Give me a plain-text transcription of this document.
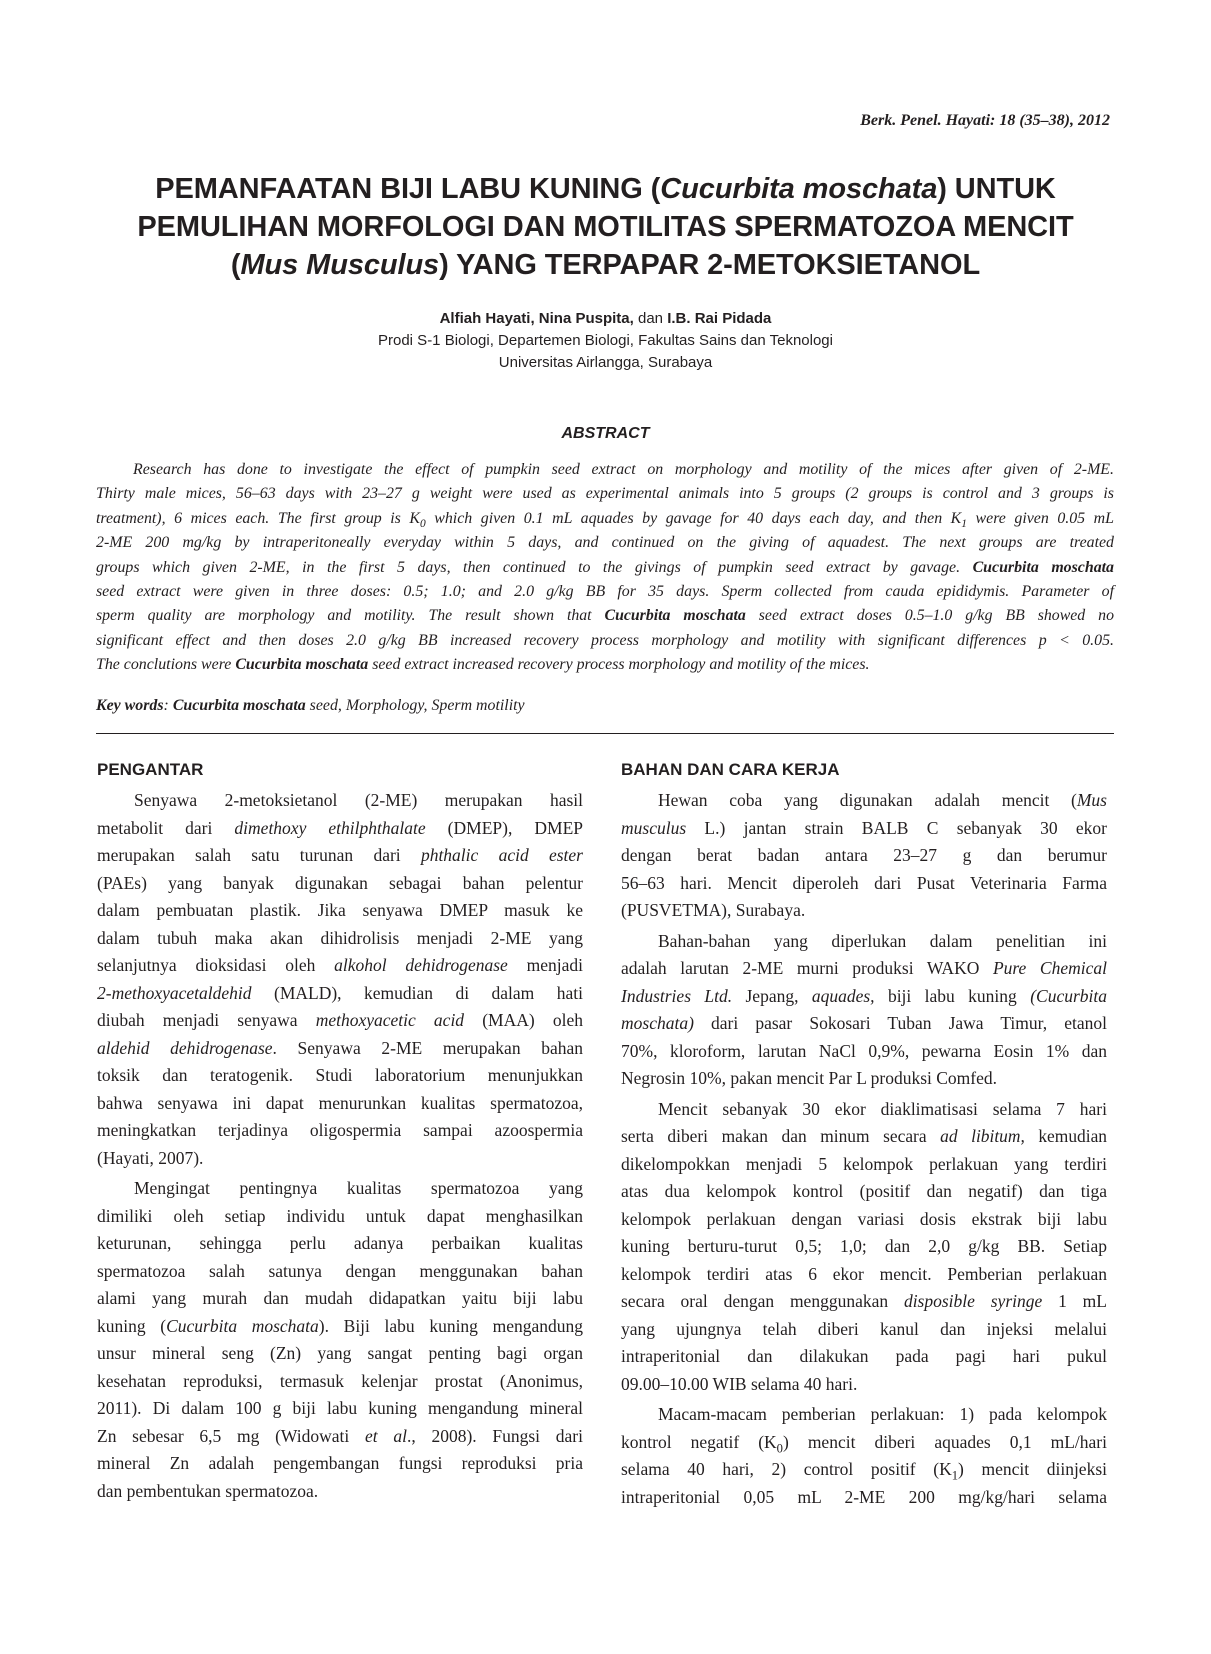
Berk. Penel. Hayati: 18 (35–38), 2012
PEMANFAATAN BIJI LABU KUNING (Cucurbita moschata) UNTUK
PEMULIHAN MORFOLOGI DAN MOTILITAS SPERMATOZOA MENCIT
(Mus Musculus) YANG TERPAPAR 2-METOKSIETANOL
Alfiah Hayati, Nina Puspita, dan I.B. Rai Pidada
Prodi S-1 Biologi, Departemen Biologi, Fakultas Sains dan Teknologi
Universitas Airlangga, Surabaya
ABSTRACT
Research has done to investigate the effect of pumpkin seed extract on morphology and motility of the mices after given of 2-ME.
Thirty male mices, 56–63 days with 23–27 g weight were used as experimental animals into 5 groups (2 groups is control and 3 groups is
treatment), 6 mices each. The first group is $K_0$ which given 0.1 mL aquades by gavage for 40 days each day, and then $K_1$ were given 0.05 mL
2-ME 200 mg/kg by intraperitoneally everyday within 5 days, and continued on the giving of aquadest. The next groups are treated
groups which given 2-ME, in the first 5 days, then continued to the givings of pumpkin seed extract by gavage. Cucurbita moschata
seed extract were given in three doses: 0.5; 1.0; and 2.0 g/kg BB for 35 days. Sperm collected from cauda epididymis. Parameter of
sperm quality are morphology and motility. The result shown that Cucurbita moschata seed extract doses 0.5–1.0 g/kg BB showed no
significant effect and then doses 2.0 g/kg BB increased recovery process morphology and motility with significant differences p < 0.05.
The conclutions were Cucurbita moschata seed extract increased recovery process morphology and motility of the mices.
Key words: Cucurbita moschata seed, Morphology, Sperm motility
PENGANTAR
Senyawa 2-metoksietanol (2-ME) merupakan hasil
metabolit dari dimethoxy ethilphthalate (DMEP), DMEP
merupakan salah satu turunan dari phthalic acid ester
(PAEs) yang banyak digunakan sebagai bahan pelentur
dalam pembuatan plastik. Jika senyawa DMEP masuk ke
dalam tubuh maka akan dihidrolisis menjadi 2-ME yang
selanjutnya dioksidasi oleh alkohol dehidrogenase menjadi
2-methoxyacetaldehid (MALD), kemudian di dalam hati
diubah menjadi senyawa methoxyacetic acid (MAA) oleh
aldehid dehidrogenase. Senyawa 2-ME merupakan bahan
toksik dan teratogenik. Studi laboratorium menunjukkan
bahwa senyawa ini dapat menurunkan kualitas spermatozoa,
meningkatkan terjadinya oligospermia sampai azoospermia
(Hayati, 2007).
Mengingat pentingnya kualitas spermatozoa yang
dimiliki oleh setiap individu untuk dapat menghasilkan
keturunan, sehingga perlu adanya perbaikan kualitas
spermatozoa salah satunya dengan menggunakan bahan
alami yang murah dan mudah didapatkan yaitu biji labu
kuning (Cucurbita moschata). Biji labu kuning mengandung
unsur mineral seng (Zn) yang sangat penting bagi organ
kesehatan reproduksi, termasuk kelenjar prostat (Anonimus,
2011). Di dalam 100 g biji labu kuning mengandung mineral
Zn sebesar 6,5 mg (Widowati et al., 2008). Fungsi dari
mineral Zn adalah pengembangan fungsi reproduksi pria
dan pembentukan spermatozoa.
BAHAN DAN CARA KERJA
Hewan coba yang digunakan adalah mencit (Mus
musculus L.) jantan strain BALB C sebanyak 30 ekor
dengan berat badan antara 23–27 g dan berumur
56–63 hari. Mencit diperoleh dari Pusat Veterinaria Farma
(PUSVETMA), Surabaya.
Bahan-bahan yang diperlukan dalam penelitian ini
adalah larutan 2-ME murni produksi WAKO Pure Chemical
Industries Ltd. Jepang, aquades, biji labu kuning (Cucurbita
moschata) dari pasar Sokosari Tuban Jawa Timur, etanol
70%, kloroform, larutan NaCl 0,9%, pewarna Eosin 1% dan
Negrosin 10%, pakan mencit Par L produksi Comfed.
Mencit sebanyak 30 ekor diaklimatisasi selama 7 hari
serta diberi makan dan minum secara ad libitum, kemudian
dikelompokkan menjadi 5 kelompok perlakuan yang terdiri
atas dua kelompok kontrol (positif dan negatif) dan tiga
kelompok perlakuan dengan variasi dosis ekstrak biji labu
kuning berturu-turut 0,5; 1,0; dan 2,0 g/kg BB. Setiap
kelompok terdiri atas 6 ekor mencit. Pemberian perlakuan
secara oral dengan menggunakan disposible syringe 1 mL
yang ujungnya telah diberi kanul dan injeksi melalui
intraperitonial dan dilakukan pada pagi hari pukul
09.00–10.00 WIB selama 40 hari.
Macam-macam pemberian perlakuan: 1) pada kelompok
kontrol negatif $(K_0)$ mencit diberi aquades 0,1 mL/hari
selama 40 hari, 2) control positif $(K_1)$ mencit diinjeksi
intraperitonial 0,05 mL 2-ME 200 mg/kg/hari selama
